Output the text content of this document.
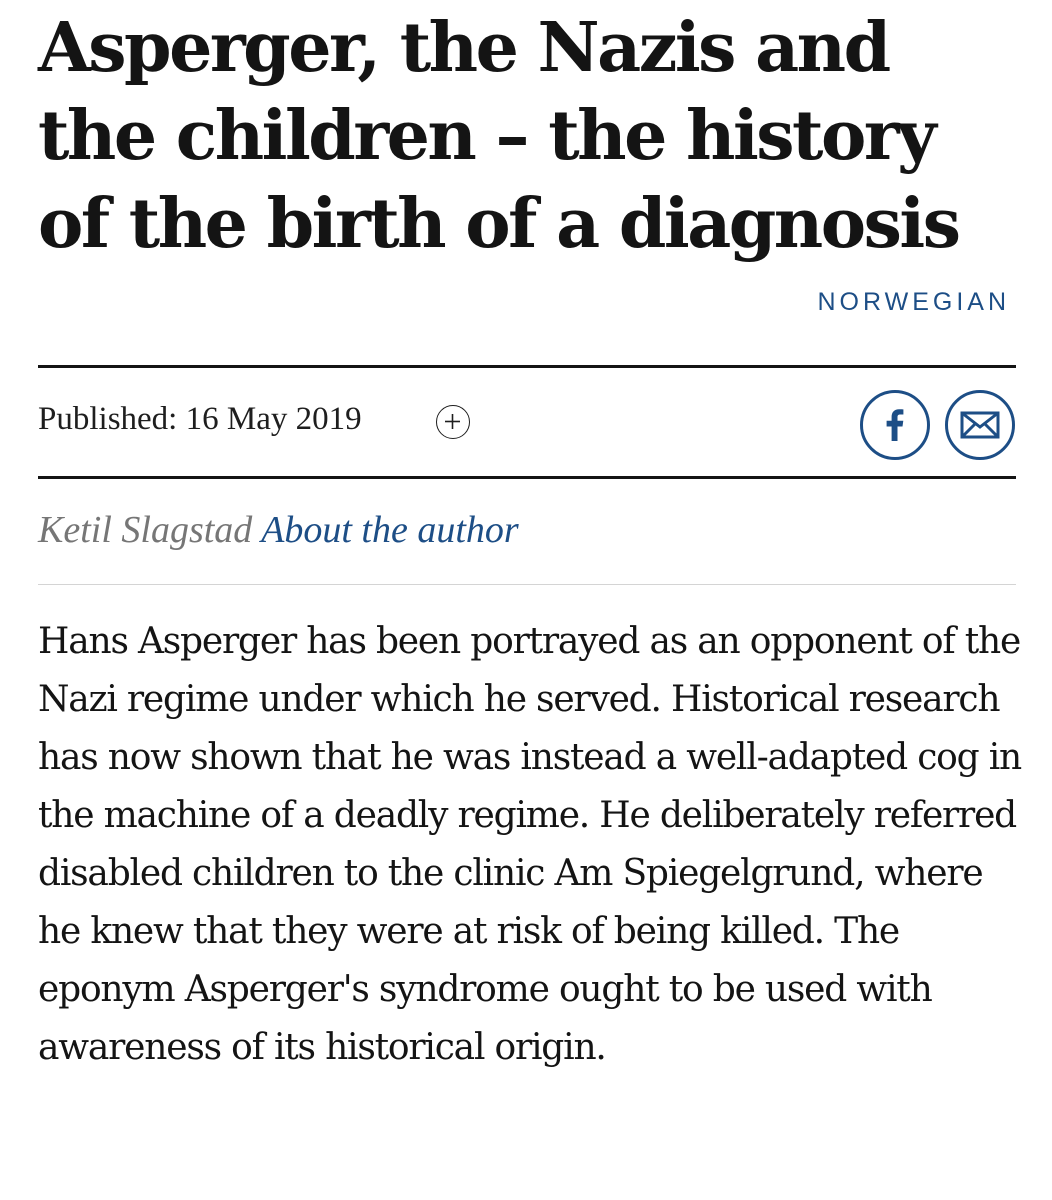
Asperger, the Nazis and the children – the history of the birth of a diagnosis
NORWEGIAN
Published: 16 May 2019
Ketil Slagstad About the author

Hans Asperger has been portrayed as an opponent of the Nazi regime under which he served. Historical research has now shown that he was instead a well-adapted cog in the machine of a deadly regime. He deliberately referred disabled children to the clinic Am Spiegelgrund, where he knew that they were at risk of being killed. The eponym Asperger's syndrome ought to be used with awareness of its historical origin.
